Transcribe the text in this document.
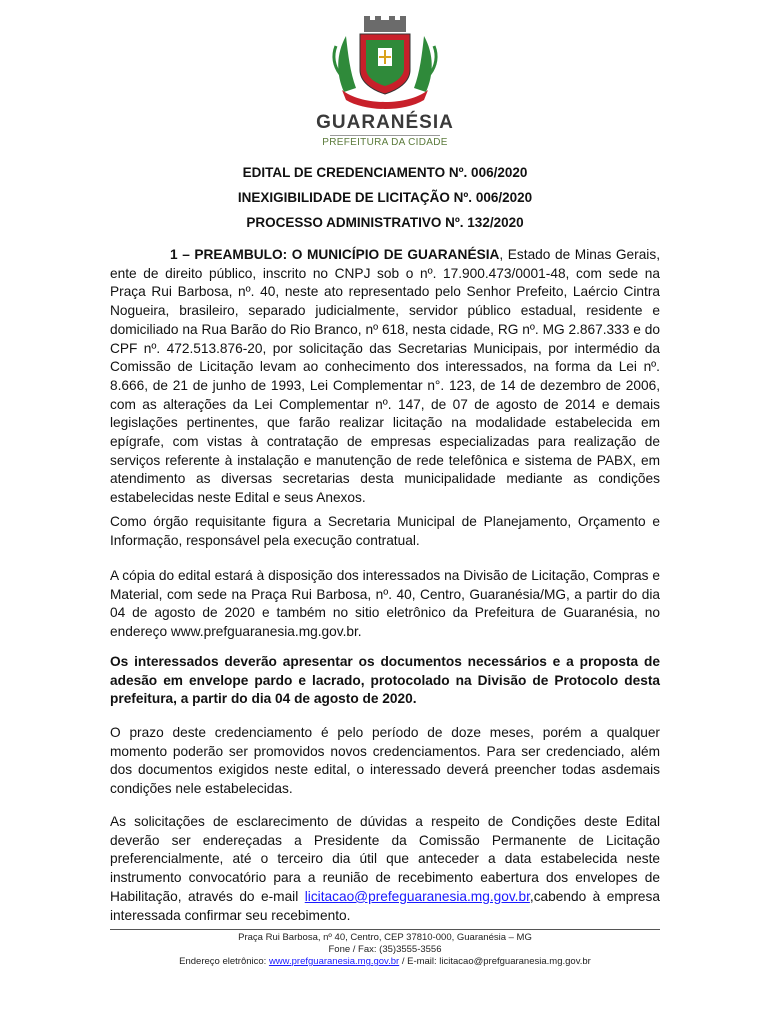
GUARANÉSIA
PREFEITURA DA CIDADE
EDITAL DE CREDENCIAMENTO Nº. 006/2020
INEXIGIBILIDADE DE LICITAÇÃO Nº. 006/2020
PROCESSO ADMINISTRATIVO Nº. 132/2020
1 – PREAMBULO: O MUNICÍPIO DE GUARANÉSIA, Estado de Minas Gerais, ente de direito público, inscrito no CNPJ sob o nº. 17.900.473/0001-48, com sede na Praça Rui Barbosa, nº. 40, neste ato representado pelo Senhor Prefeito, Laércio Cintra Nogueira, brasileiro, separado judicialmente, servidor público estadual, residente e domiciliado na Rua Barão do Rio Branco, nº 618, nesta cidade, RG nº. MG 2.867.333 e do CPF nº. 472.513.876-20, por solicitação das Secretarias Municipais, por intermédio da Comissão de Licitação levam ao conhecimento dos interessados, na forma da Lei nº. 8.666, de 21 de junho de 1993, Lei Complementar n°. 123, de 14 de dezembro de 2006, com as alterações da Lei Complementar nº. 147, de 07 de agosto de 2014 e demais legislações pertinentes, que farão realizar licitação na modalidade estabelecida em epígrafe, com vistas à contratação de empresas especializadas para realização de serviços referente à instalação e manutenção de rede telefônica e sistema de PABX, em atendimento as diversas secretarias desta municipalidade mediante as condições estabelecidas neste Edital e seus Anexos.
Como órgão requisitante figura a Secretaria Municipal de Planejamento, Orçamento e Informação, responsável pela execução contratual.
A cópia do edital estará à disposição dos interessados na Divisão de Licitação, Compras e Material, com sede na Praça Rui Barbosa, nº. 40, Centro, Guaranésia/MG, a partir do dia 04 de agosto de 2020 e também no sitio eletrônico da Prefeitura de Guaranésia, no endereço www.prefguaranesia.mg.gov.br.
Os interessados deverão apresentar os documentos necessários e a proposta de adesão em envelope pardo e lacrado, protocolado na Divisão de Protocolo desta prefeitura, a partir do dia 04 de agosto de 2020.
O prazo deste credenciamento é pelo período de doze meses, porém a qualquer momento poderão ser promovidos novos credenciamentos. Para ser credenciado, além dos documentos exigidos neste edital, o interessado deverá preencher todas asdemais condições nele estabelecidas.
As solicitações de esclarecimento de dúvidas a respeito de Condições deste Edital deverão ser endereçadas a Presidente da Comissão Permanente de Licitação preferencialmente, até o terceiro dia útil que anteceder a data estabelecida neste instrumento convocatório para a reunião de recebimento eabertura dos envelopes de Habilitação, através do e-mail licitacao@prefeguaranesia.mg.gov.br,cabendo à empresa interessada confirmar seu recebimento.
Praça Rui Barbosa, nº 40, Centro, CEP 37810-000, Guaranésia – MG
Fone / Fax: (35)3555-3556
Endereço eletrônico: www.prefguaranesia.mg.gov.br / E-mail: licitacao@prefguaranesia.mg.gov.br
